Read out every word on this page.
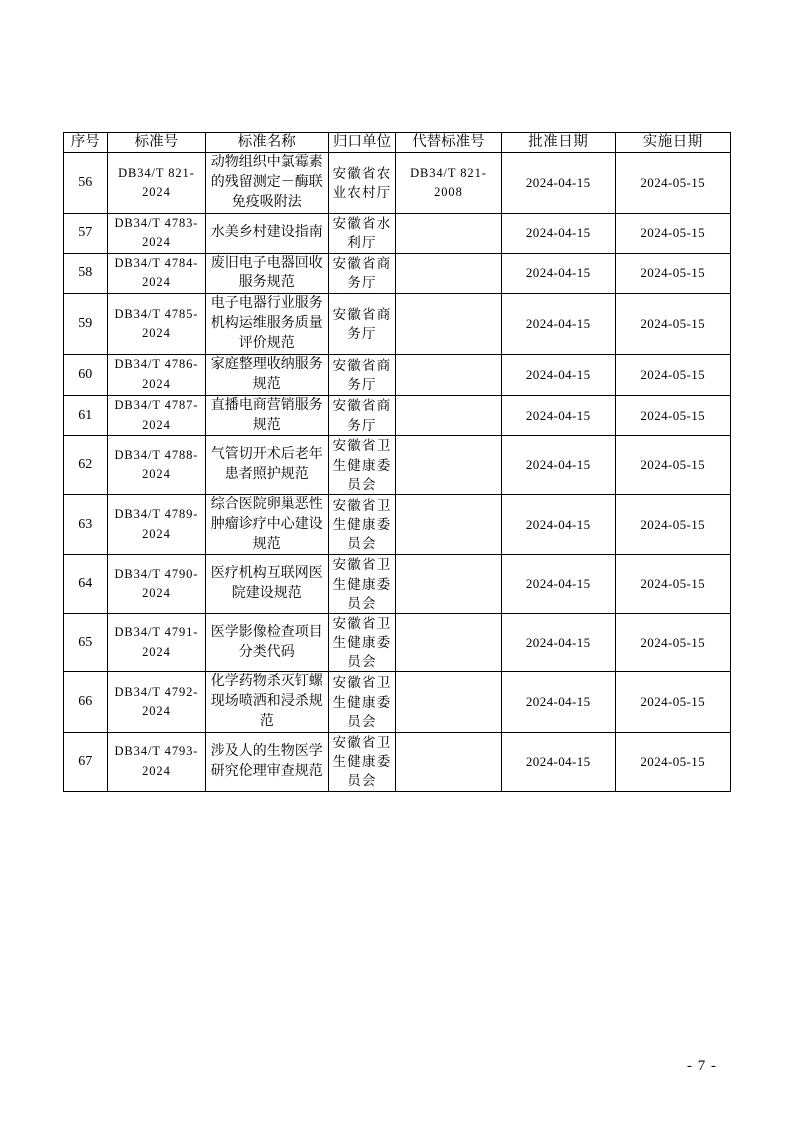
序号	标准号	标准名称	归口单位	代替标准号	批准日期	实施日期
56	DB34/T 821-2024	动物组织中氯霉素的残留测定－酶联免疫吸附法	安徽省农业农村厅	DB34/T 821-2008	2024-04-15	2024-05-15
57	DB34/T 4783-2024	水美乡村建设指南	安徽省水利厅		2024-04-15	2024-05-15
58	DB34/T 4784-2024	废旧电子电器回收服务规范	安徽省商务厅		2024-04-15	2024-05-15
59	DB34/T 4785-2024	电子电器行业服务机构运维服务质量评价规范	安徽省商务厅		2024-04-15	2024-05-15
60	DB34/T 4786-2024	家庭整理收纳服务规范	安徽省商务厅		2024-04-15	2024-05-15
61	DB34/T 4787-2024	直播电商营销服务规范	安徽省商务厅		2024-04-15	2024-05-15
62	DB34/T 4788-2024	气管切开术后老年患者照护规范	安徽省卫生健康委员会		2024-04-15	2024-05-15
63	DB34/T 4789-2024	综合医院卵巢恶性肿瘤诊疗中心建设规范	安徽省卫生健康委员会		2024-04-15	2024-05-15
64	DB34/T 4790-2024	医疗机构互联网医院建设规范	安徽省卫生健康委员会		2024-04-15	2024-05-15
65	DB34/T 4791-2024	医学影像检查项目分类代码	安徽省卫生健康委员会		2024-04-15	2024-05-15
66	DB34/T 4792-2024	化学药物杀灭钉螺现场喷洒和浸杀规范	安徽省卫生健康委员会		2024-04-15	2024-05-15
67	DB34/T 4793-2024	涉及人的生物医学研究伦理审查规范	安徽省卫生健康委员会		2024-04-15	2024-05-15
- 7 -
